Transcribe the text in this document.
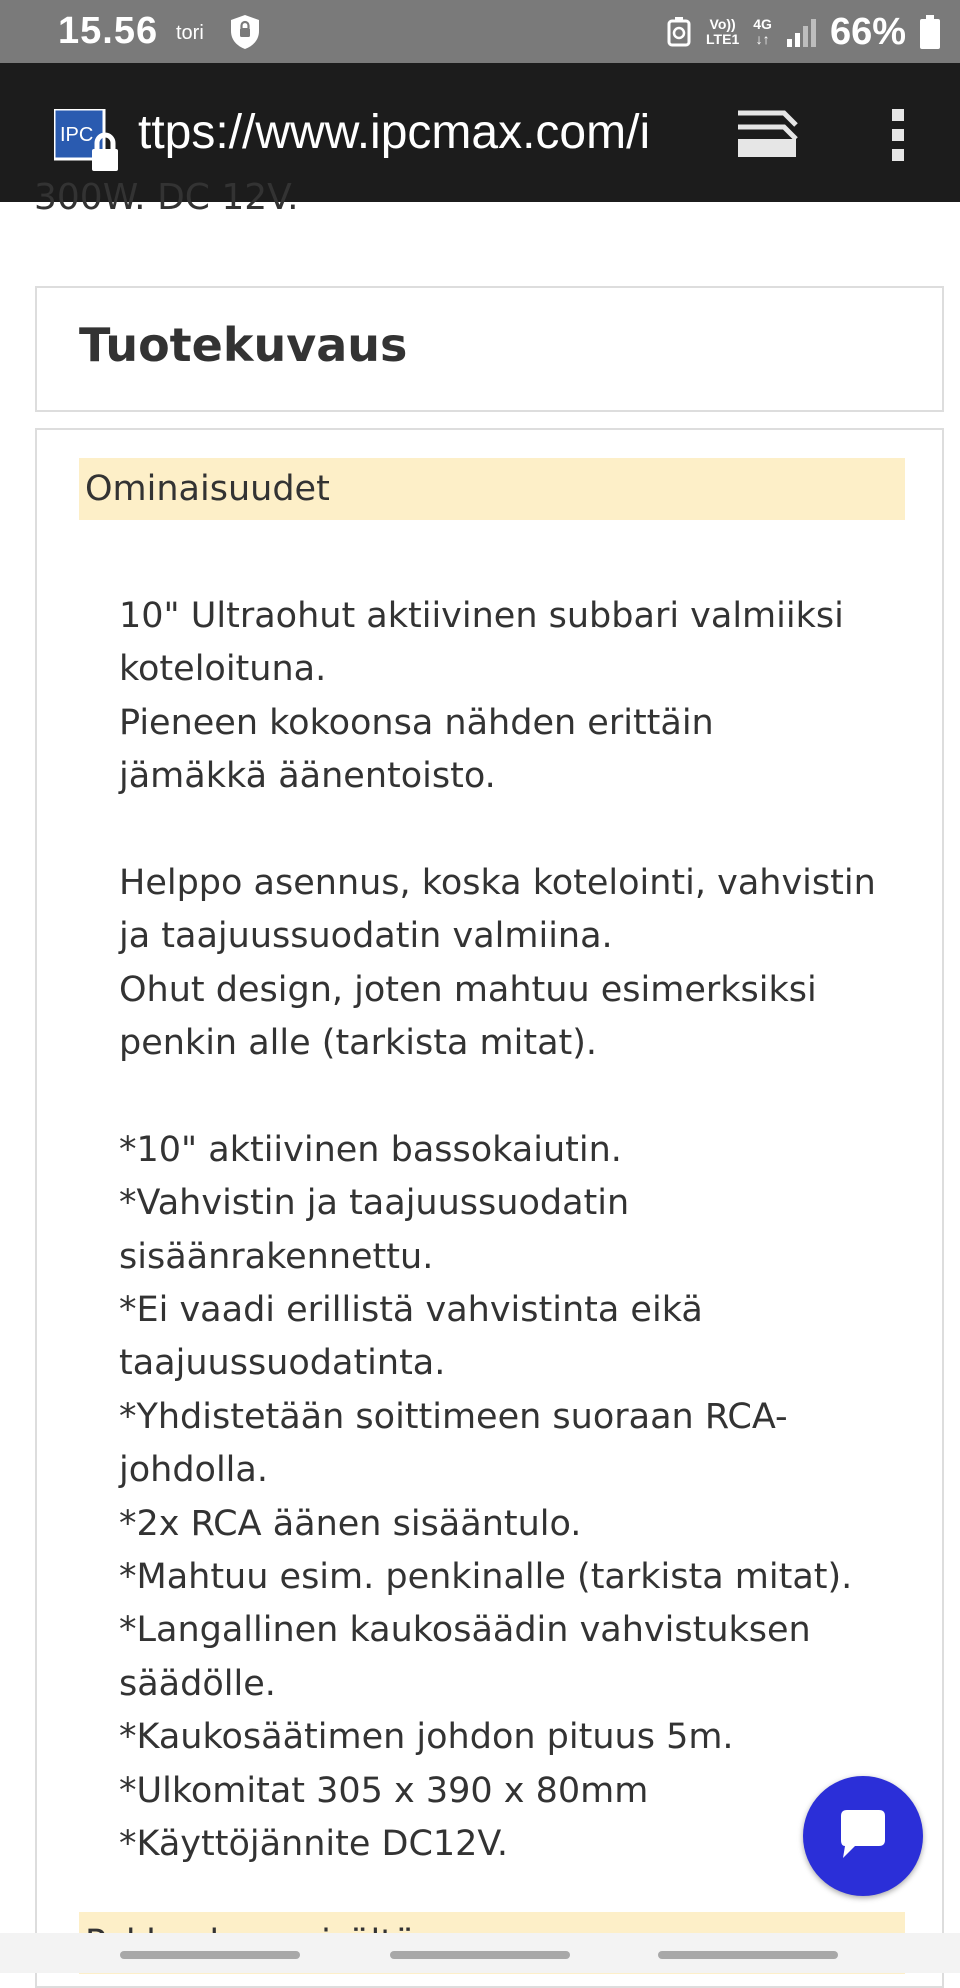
15.56 tori	Vo))
LTE1
4G
↓↑ 66%
IPC ttps://www.ipcmax.com/i
300W. DC 12V.
Tuotekuvaus
Ominaisuudet
10" Ultraohut aktiivinen subbari valmiiksi
koteloituna.
Pieneen kokoonsa nähden erittäin
jämäkkä äänentoisto.
Helppo asennus, koska kotelointi, vahvistin
ja taajuussuodatin valmiina.
Ohut design, joten mahtuu esimerksiksi
penkin alle (tarkista mitat).
*10" aktiivinen bassokaiutin.
*Vahvistin ja taajuussuodatin
sisäänrakennettu.
*Ei vaadi erillistä vahvistinta eikä
taajuussuodatinta.
*Yhdistetään soittimeen suoraan RCA-
johdolla.
*2x RCA äänen sisääntulo.
*Mahtuu esim. penkinalle (tarkista mitat).
*Langallinen kaukosäädin vahvistuksen
säädölle.
*Kaukosäätimen johdon pituus 5m.
*Ulkomitat 305 x 390 x 80mm
*Käyttöjännite DC12V.
